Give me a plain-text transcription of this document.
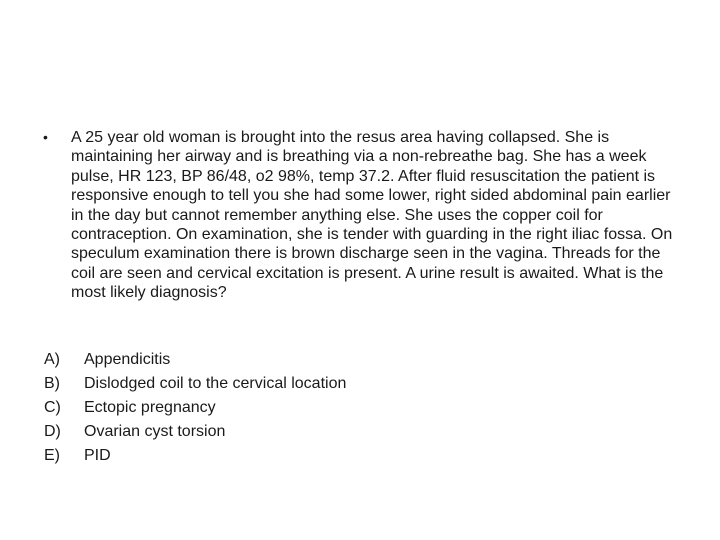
•	A 25 year old woman is brought into the resus area having collapsed. She is maintaining her airway and is breathing via a non-rebreathe bag. She has a week pulse, HR 123, BP 86/48, o2 98%, temp 37.2. After fluid resuscitation the patient is responsive enough to tell you she had some lower, right sided abdominal pain earlier in the day but cannot remember anything else. She uses the copper coil for contraception. On examination, she is tender with guarding in the right iliac fossa. On speculum examination there is brown discharge seen in the vagina. Threads for the coil are seen and cervical excitation is present. A urine result is awaited. What is the most likely diagnosis?
A)	Appendicitis
B)	Dislodged coil to the cervical location
C)	Ectopic pregnancy
D)	Ovarian cyst torsion
E)	PID
